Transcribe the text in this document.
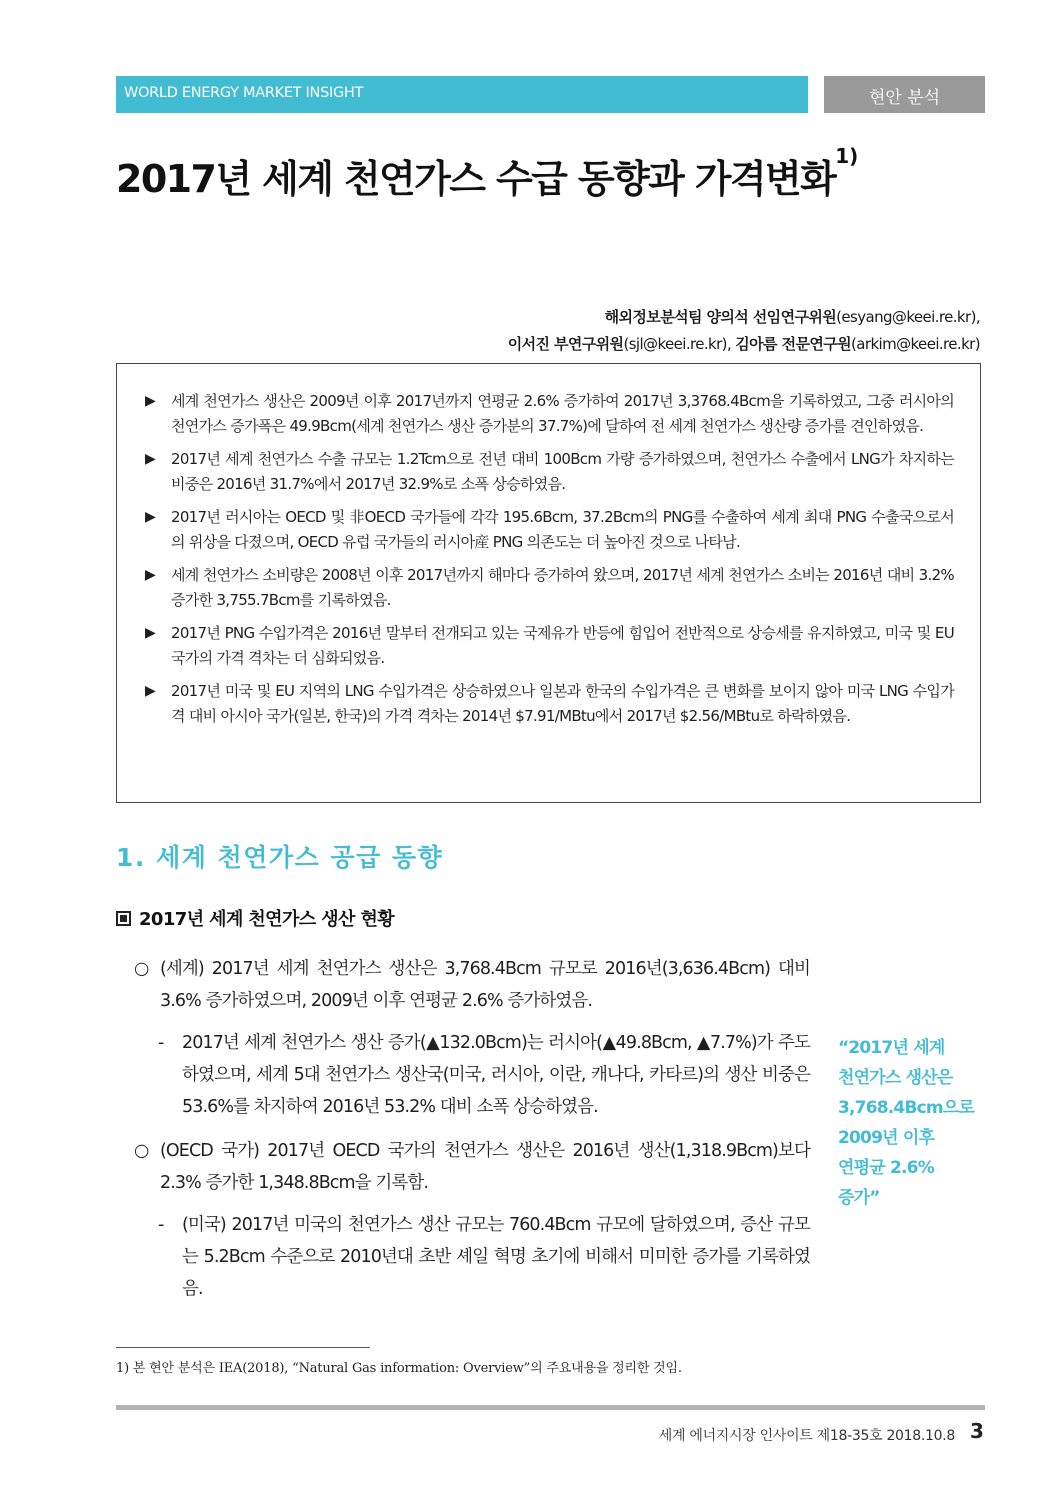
WORLD ENERGY MARKET INSIGHT	현안 분석
2017년 세계 천연가스 수급 동향과 가격변화$^{1)}$
해외정보분석팀 양의석 선임연구위원(esyang@keei.re.kr),
이서진 부연구위원(sjl@keei.re.kr), 김아름 전문연구원(arkim@keei.re.kr)
▶ 세계 천연가스 생산은 2009년 이후 2017년까지 연평균 2.6% 증가하여 2017년 3,3768.4Bcm을 기록하였고, 그중 러시아의 천연가스 증가폭은 49.9Bcm(세계 천연가스 생산 증가분의 37.7%)에 달하여 전 세계 천연가스 생산량 증가를 견인하였음.
▶ 2017년 세계 천연가스 수출 규모는 1.2Tcm으로 전년 대비 100Bcm 가량 증가하였으며, 천연가스 수출에서 LNG가 차지하는 비중은 2016년 31.7%에서 2017년 32.9%로 소폭 상승하였음.
▶ 2017년 러시아는 OECD 및 非OECD 국가들에 각각 195.6Bcm, 37.2Bcm의 PNG를 수출하여 세계 최대 PNG 수출국으로서의 위상을 다졌으며, OECD 유럽 국가들의 러시아産 PNG 의존도는 더 높아진 것으로 나타남.
▶ 세계 천연가스 소비량은 2008년 이후 2017년까지 해마다 증가하여 왔으며, 2017년 세계 천연가스 소비는 2016년 대비 3.2% 증가한 3,755.7Bcm를 기록하였음.
▶ 2017년 PNG 수입가격은 2016년 말부터 전개되고 있는 국제유가 반등에 힘입어 전반적으로 상승세를 유지하였고, 미국 및 EU 국가의 가격 격차는 더 심화되었음.
▶ 2017년 미국 및 EU 지역의 LNG 수입가격은 상승하였으나 일본과 한국의 수입가격은 큰 변화를 보이지 않아 미국 LNG 수입가격 대비 아시아 국가(일본, 한국)의 가격 격차는 2014년 $7.91/MBtu에서 2017년 $2.56/MBtu로 하락하였음.
1. 세계 천연가스 공급 동향
2017년 세계 천연가스 생산 현황

○ (세계) 2017년 세계 천연가스 생산은 3,768.4Bcm 규모로 2016년(3,636.4Bcm) 대비 3.6% 증가하였으며, 2009년 이후 연평균 2.6% 증가하였음.

- 2017년 세계 천연가스 생산 증가(▲132.0Bcm)는 러시아(▲49.8Bcm, ▲7.7%)가 주도하였으며, 세계 5대 천연가스 생산국(미국, 러시아, 이란, 캐나다, 카타르)의 생산 비중은 53.6%를 차지하여 2016년 53.2% 대비 소폭 상승하였음.

○ (OECD 국가) 2017년 OECD 국가의 천연가스 생산은 2016년 생산(1,318.9Bcm)보다 2.3% 증가한 1,348.8Bcm을 기록함.

- (미국) 2017년 미국의 천연가스 생산 규모는 760.4Bcm 규모에 달하였으며, 증산 규모는 5.2Bcm 수준으로 2010년대 초반 셰일 혁명 초기에 비해서 미미한 증가를 기록하였음.

“2017년 세계
천연가스 생산은
3,768.4Bcm으로
2009년 이후
연평균 2.6%
증가”
1) 본 현안 분석은 IEA(2018), “Natural Gas information: Overview”의 주요내용을 정리한 것임.
세계 에너지시장 인사이트 제18-35호 2018.10.8 3
